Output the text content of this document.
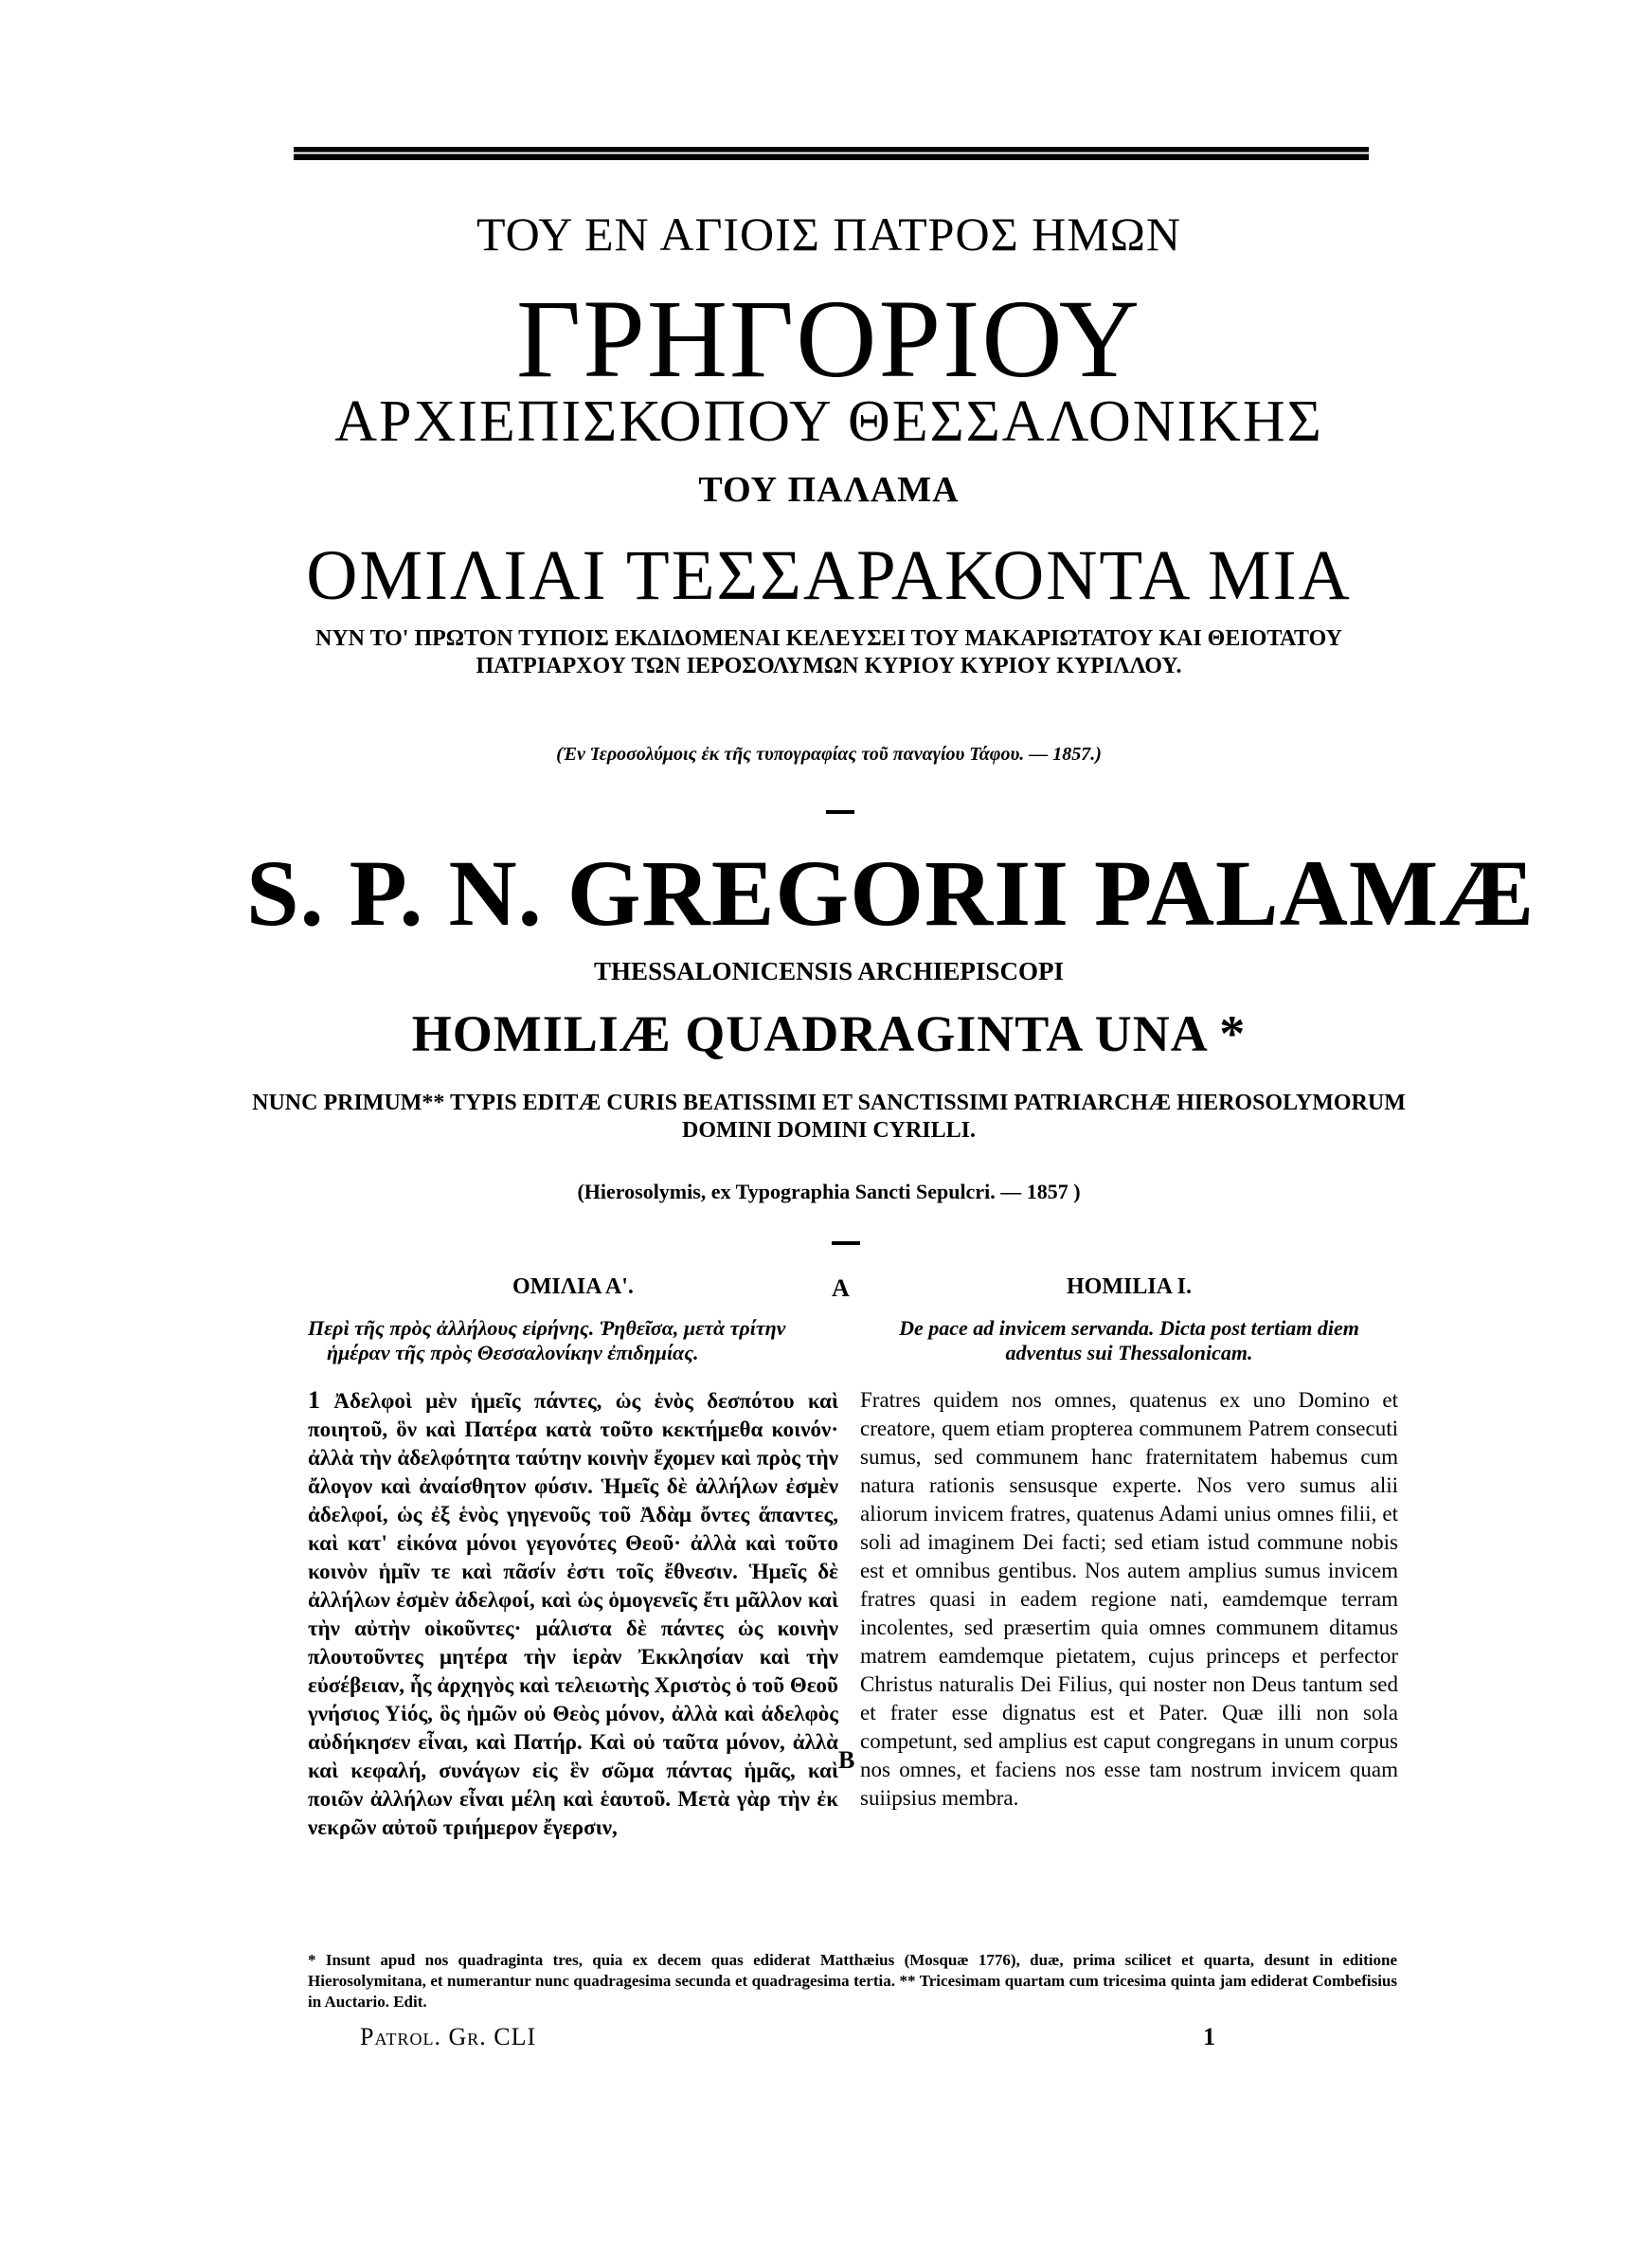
ΤΟΥ ΕΝ ΑΓΙΟΙΣ ΠΑΤΡΟΣ ΗΜΩΝ
ΓΡΗΓΟΡΙΟΥ
ΑΡΧΙΕΠΙΣΚΟΠΟΥ ΘΕΣΣΑΛΟΝΙΚΗΣ
ΤΟΥ ΠΑΛΑΜΑ
ΟΜΙΛΙΑΙ ΤΕΣΣΑΡΑΚΟΝΤΑ ΜΙΑ
ΝΥΝ ΤΟ' ΠΡΩΤΟΝ ΤΥΠΟΙΣ ΕΚΔΙΔΟΜΕΝΑΙ ΚΕΛΕΥΣΕΙ ΤΟΥ ΜΑΚΑΡΙΩΤΑΤΟΥ ΚΑΙ ΘΕΙΟΤΑΤΟΥ ΠΑΤΡΙΑΡΧΟΥ ΤΩΝ ΙΕΡΟΣΟΛΥΜΩΝ ΚΥΡΙΟΥ ΚΥΡΙΟΥ ΚΥΡΙΛΛΟΥ.
(Ἐν Ἱεροσολύμοις ἐκ τῆς τυπογραφίας τοῦ παναγίου Τάφου. — 1857.)
S. P. N. GREGORII PALAMÆ
THESSALONICENSIS ARCHIEPISCOPI
HOMILIÆ QUADRAGINTA UNA *
NUNC PRIMUM** TYPIS EDITÆ CURIS BEATISSIMI ET SANCTISSIMI PATRIARCHÆ HIEROSOLYMORUM DOMINI DOMINI CYRILLI.
(Hierosolymis, ex Typographia Sancti Sepulcri. — 1857 )
A
B
ΟΜΙΛΙΑ Α'.
Περὶ τῆς πρὸς ἀλλήλους εἰρήνης. Ῥηθεῖσα, μετὰ τρίτην ἡμέραν τῆς πρὸς Θεσσαλονίκην ἐπιδημίας.
1 Ἀδελφοὶ μὲν ἡμεῖς πάντες, ὡς ἑνὸς δεσπότου καὶ ποιητοῦ, ὃν καὶ Πατέρα κατὰ τοῦτο κεκτήμεθα κοινόν· ἀλλὰ τὴν ἀδελφότητα ταύτην κοινὴν ἔχομεν καὶ πρὸς τὴν ἄλογον καὶ ἀναίσθητον φύσιν. Ἡμεῖς δὲ ἀλλήλων ἐσμὲν ἀδελφοί, ὡς ἐξ ἑνὸς γηγενοῦς τοῦ Ἀδὰμ ὄντες ἅπαντες, καὶ κατ' εἰκόνα μόνοι γεγονότες Θεοῦ· ἀλλὰ καὶ τοῦτο κοινὸν ἡμῖν τε καὶ πᾶσίν ἐστι τοῖς ἔθνεσιν. Ἡμεῖς δὲ ἀλλήλων ἐσμὲν ἀδελφοί, καὶ ὡς ὁμογενεῖς ἔτι μᾶλλον καὶ τὴν αὐτὴν οἰκοῦντες· μάλιστα δὲ πάντες ὡς κοινὴν πλουτοῦντες μητέρα τὴν ἱερὰν Ἐκκλησίαν καὶ τὴν εὐσέβειαν, ἧς ἀρχηγὸς καὶ τελειωτὴς Χριστὸς ὁ τοῦ Θεοῦ γνήσιος Υἱός, ὃς ἡμῶν οὐ Θεὸς μόνον, ἀλλὰ καὶ ἀδελφὸς αὐδήκησεν εἶναι, καὶ Πατήρ. Καὶ οὐ ταῦτα μόνον, ἀλλὰ καὶ κεφαλή, συνάγων εἰς ἓν σῶμα πάντας ἡμᾶς, καὶ ποιῶν ἀλλήλων εἶναι μέλη καὶ ἑαυτοῦ. Μετὰ γὰρ τὴν ἐκ νεκρῶν αὐτοῦ τριήμερον ἔγερσιν,
HOMILIA I.
De pace ad invicem servanda. Dicta post tertiam diem adventus sui Thessalonicam.
Fratres quidem nos omnes, quatenus ex uno Domino et creatore, quem etiam propterea communem Patrem consecuti sumus, sed communem hanc fraternitatem habemus cum natura rationis sensusque experte. Nos vero sumus alii aliorum invicem fratres, quatenus Adami unius omnes filii, et soli ad imaginem Dei facti; sed etiam istud commune nobis est et omnibus gentibus. Nos autem amplius sumus invicem fratres quasi in eadem regione nati, eamdemque terram incolentes, sed præsertim quia omnes communem ditamus matrem eamdemque pietatem, cujus princeps et perfector Christus naturalis Dei Filius, qui noster non Deus tantum sed et frater esse dignatus est et Pater. Quæ illi non sola competunt, sed amplius est caput congregans in unum corpus nos omnes, et faciens nos esse tam nostrum invicem quam suiipsius membra.
* Insunt apud nos quadraginta tres, quia ex decem quas ediderat Matthæius (Mosquæ 1776), duæ, prima scilicet et quarta, desunt in editione Hierosolymitana, et numerantur nunc quadragesima secunda et quadragesima tertia. ** Tricesimam quartam cum tricesima quinta jam ediderat Combefisius in Auctario. Edit.
Patrol. Gr. CLI	1
